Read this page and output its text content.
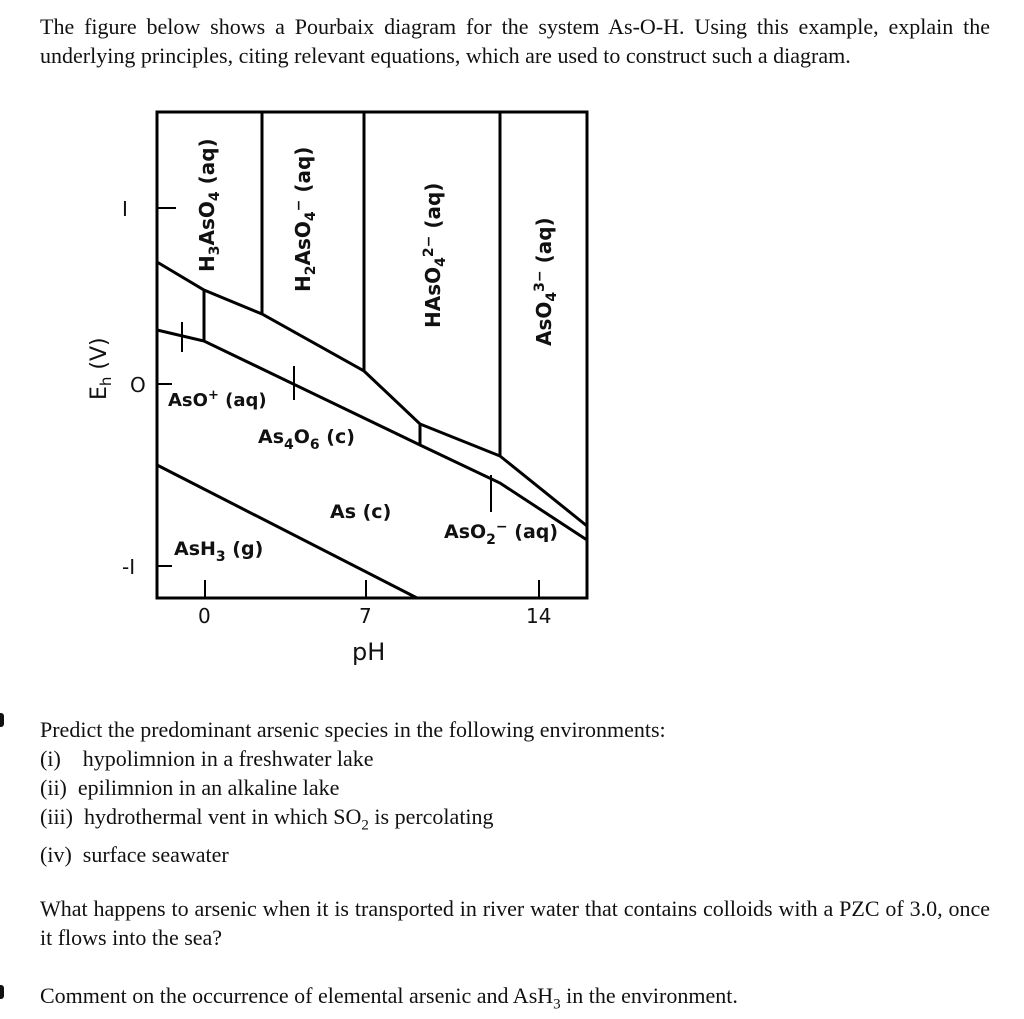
The figure below shows a Pourbaix diagram for the system As-O-H. Using this example, explain the underlying principles, citing relevant equations, which are used to construct such a diagram.

I
O
-I
0	7	14
pH
$E_h$ (V)
$H_3AsO_4$ (aq)
$H_2AsO_4^-$ (aq)
HAsO$_4^{2-}$ (aq)
AsO$_4^{3-}$ (aq)
AsO+ (aq)
$As_4O_6$ (c)
As (c)
AsO$_2$− (aq)
AsH$_3$ (g)
Predict the predominant arsenic species in the following environments:
(i) hypolimnion in a freshwater lake
(ii) epilimnion in an alkaline lake
(iii) hydrothermal vent in which $SO_2$ is percolating
(iv) surface seawater

What happens to arsenic when it is transported in river water that contains colloids with a PZC of 3.0, once it flows into the sea?

Comment on the occurrence of elemental arsenic and AsH$_3$ in the environment.
